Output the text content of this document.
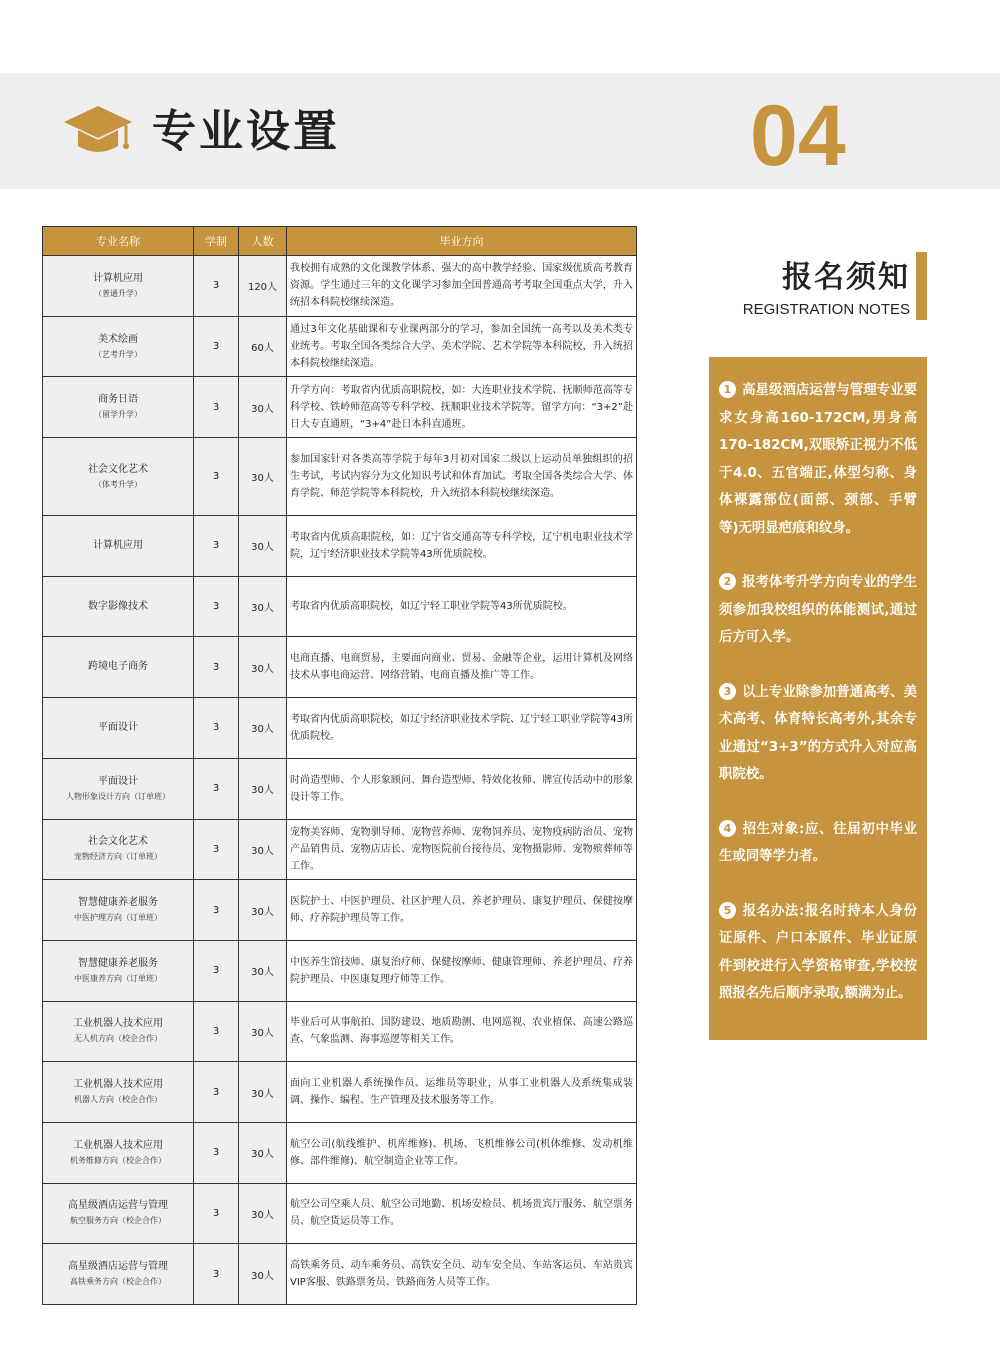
专业设置	04
专业名称	学制	人数	毕业方向
计算机应用
（普通升学）	3	120人	我校拥有成熟的文化课教学体系、强大的高中教学经验、国家级优质高考教育资源。学生通过三年的文化课学习参加全国普通高考考取全国重点大学，升入统招本科院校继续深造。
美术绘画
（艺考升学）	3	60人	通过3年文化基础课和专业课两部分的学习，参加全国统一高考以及美术类专业统考。考取全国各类综合大学、美术学院、艺术学院等本科院校，升入统招本科院校继续深造。
商务日语
（留学升学）	3	30人	升学方向：考取省内优质高职院校，如：大连职业技术学院、抚顺师范高等专科学校、铁岭师范高等专科学校、抚顺职业技术学院等。留学方向：“3+2”赴日大专直通班，“3+4”赴日本科直通班。
社会文化艺术
（体考升学）	3	30人	参加国家针对各类高等学院于每年3月初对国家二级以上运动员单独组织的招生考试，考试内容分为文化知识考试和体育加试。考取全国各类综合大学、体育学院、师范学院等本科院校，升入统招本科院校继续深造。
计算机应用	3	30人	考取省内优质高职院校，如：辽宁省交通高等专科学校，辽宁机电职业技术学院，辽宁经济职业技术学院等43所优质院校。
数字影像技术	3	30人	考取省内优质高职院校，如辽宁轻工职业学院等43所优质院校。
跨境电子商务	3	30人	电商直播、电商贸易，主要面向商业、贸易、金融等企业，运用计算机及网络技术从事电商运营、网络营销、电商直播及推广等工作。
平面设计	3	30人	考取省内优质高职院校，如辽宁经济职业技术学院、辽宁轻工职业学院等43所优质院校。
平面设计
人物形象设计方向（订单班）	3	30人	时尚造型师、个人形象顾问、舞台造型师、特效化妆师、牌宣传活动中的形象设计等工作。
社会文化艺术
宠物经济方向（订单班）	3	30人	宠物美容师、宠物驯导师、宠物营养师、宠物饲养员、宠物疫病防治员、宠物产品销售员、宠物店店长、宠物医院前台接待员、宠物摄影师、宠物殡葬师等工作。
智慧健康养老服务
中医护理方向（订单班）	3	30人	医院护士、中医护理员、社区护理人员、养老护理员、康复护理员、保健按摩师、疗养院护理员等工作。
智慧健康养老服务
中医康养方向（订单班）	3	30人	中医养生馆技师、康复治疗师、保健按摩师、健康管理师、养老护理员、疗养院护理员、中医康复理疗师等工作。
工业机器人技术应用
无人机方向（校企合作）	3	30人	毕业后可从事航拍、国防建设、地质勘测、电网巡视、农业植保、高速公路巡查、气象监测、海事巡逻等相关工作。
工业机器人技术应用
机器人方向（校企合作）	3	30人	面向工业机器人系统操作员、运维员等职业，从事工业机器人及系统集成装调、操作、编程、生产管理及技术服务等工作。
工业机器人技术应用
机务维修方向（校企合作）	3	30人	航空公司(航线维护、机库维修)、机场、飞机维修公司(机体维修、发动机维修、部件维修)、航空制造企业等工作。
高星级酒店运营与管理
航空服务方向（校企合作）	3	30人	航空公司空乘人员、航空公司地勤、机场安检员、机场贵宾厅服务、航空票务员、航空货运员等工作。
高星级酒店运营与管理
高铁乘务方向（校企合作）	3	30人	高铁乘务员、动车乘务员、高铁安全员、动车安全员、车站客运员、车站贵宾VIP客服、铁路票务员、铁路商务人员等工作。
报名须知
REGISTRATION NOTES
1 高星级酒店运营与管理专业要求女身高160-172CM,男身高170-182CM,双眼矫正视力不低于4.0、五官端正,体型匀称、身体裸露部位(面部、颈部、手臂等)无明显疤痕和纹身。
2 报考体考升学方向专业的学生须参加我校组织的体能测试,通过后方可入学。
3 以上专业除参加普通高考、美术高考、体育特长高考外,其余专业通过“3+3”的方式升入对应高职院校。
4 招生对象:应、往届初中毕业生或同等学力者。
5 报名办法:报名时持本人身份证原件、户口本原件、毕业证原件到校进行入学资格审查,学校按照报名先后顺序录取,额满为止。
